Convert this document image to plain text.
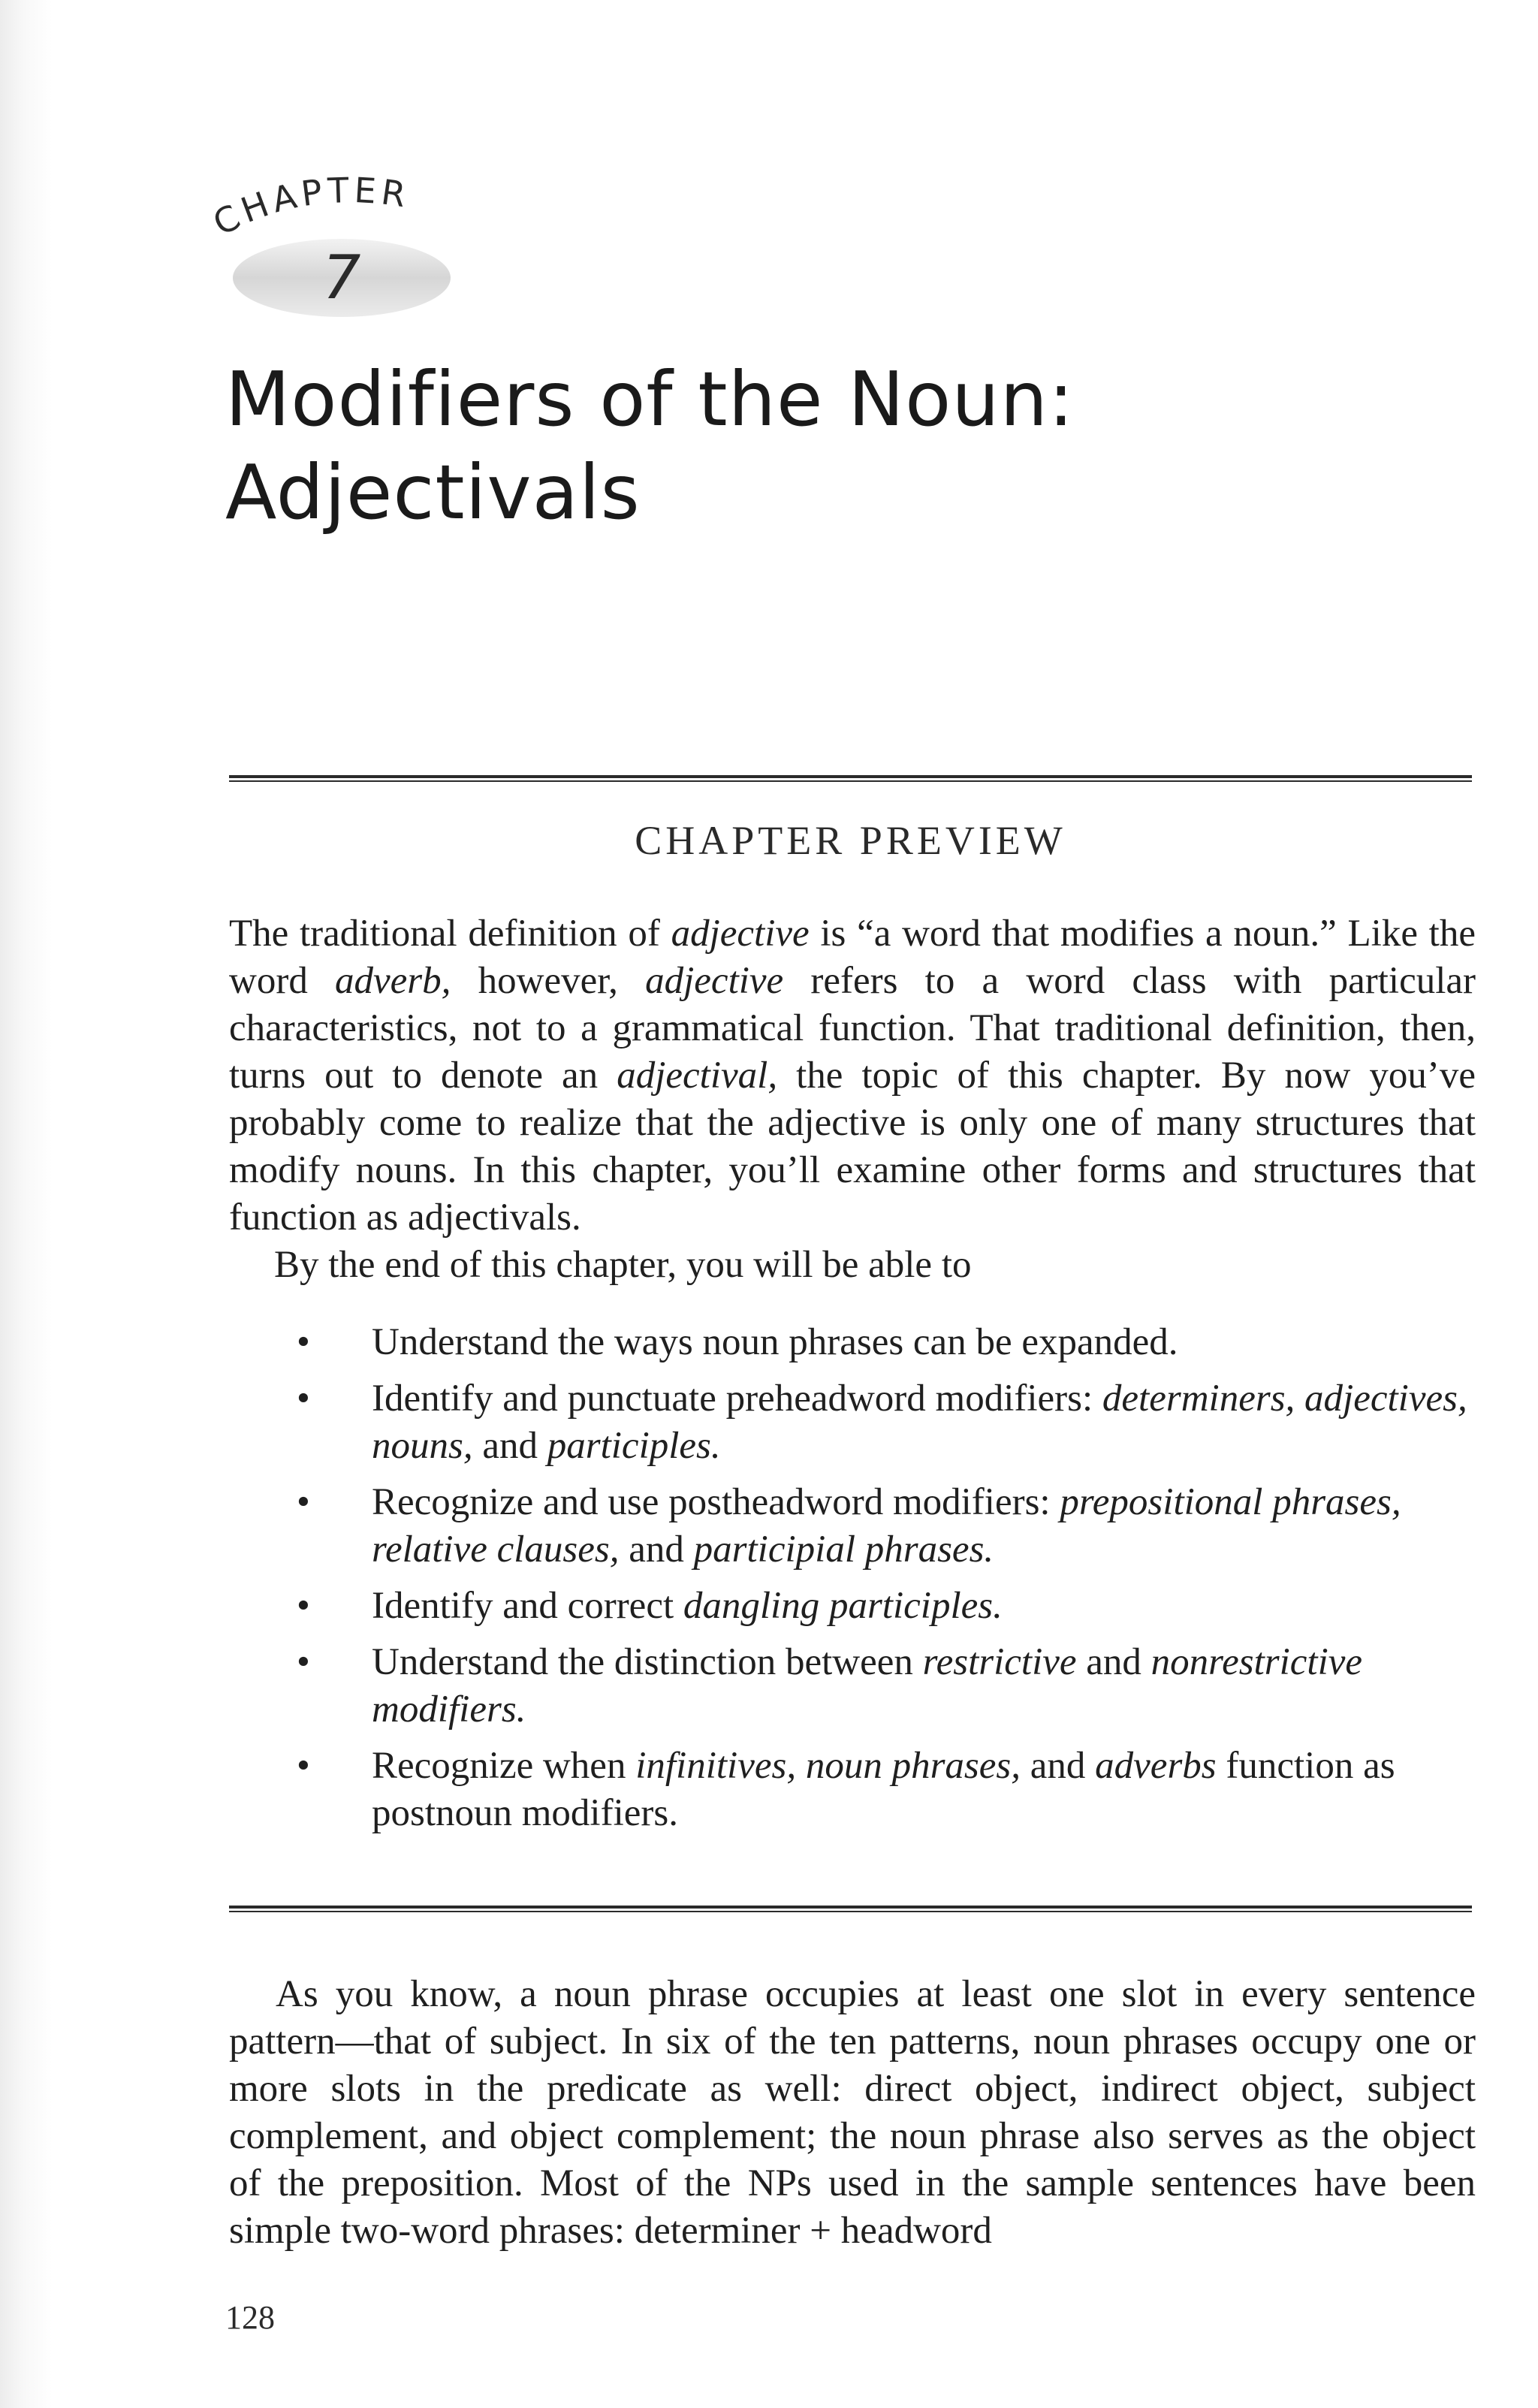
CHAPTER
7
Modifiers of the Noun:
Adjectivals
CHAPTER PREVIEW

The traditional definition of adjective is “a word that modifies a noun.” Like the word adverb, however, adjective refers to a word class with particular characteristics, not to a grammatical function. That traditional definition, then, turns out to denote an adjectival, the topic of this chapter. By now you’ve probably come to realize that the adjective is only one of many structures that modify nouns. In this chapter, you’ll examine other forms and structures that function as adjectivals.

By the end of this chapter, you will be able to

• Understand the ways noun phrases can be expanded.
• Identify and punctuate preheadword modifiers: determiners, adjectives, nouns, and participles.
• Recognize and use postheadword modifiers: prepositional phrases, relative clauses, and participial phrases.
• Identify and correct dangling participles.
• Understand the distinction between restrictive and nonrestrictive modifiers.
• Recognize when infinitives, noun phrases, and adverbs function as postnoun modifiers.

As you know, a noun phrase occupies at least one slot in every sentence pattern—that of subject. In six of the ten patterns, noun phrases occupy one or more slots in the predicate as well: direct object, indirect object, subject complement, and object complement; the noun phrase also serves as the object of the preposition. Most of the NPs used in the sample sentences have been simple two-word phrases: determiner + headword

128
